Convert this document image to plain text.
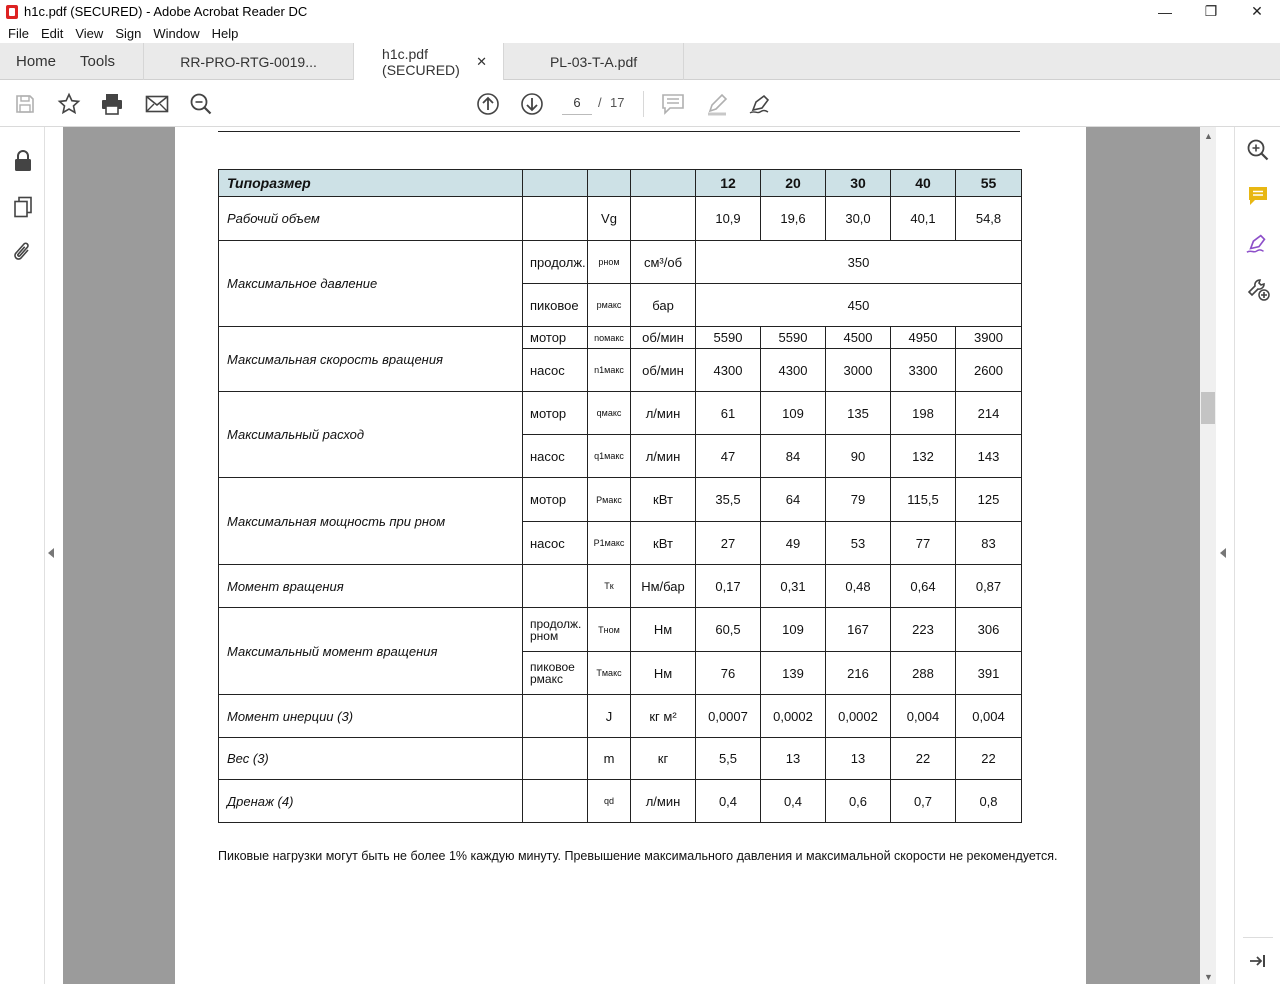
h1c.pdf (SECURED) - Adobe Acrobat Reader DC	—	❐	✕
File Edit View Sign Window Help
Home	Tools	RR-PRO-RTG-0019...	h1c.pdf (SECURED)
✕	PL-03-T-A.pdf
6	/ 17
Типоразмер				12	20	30	40	55
Рабочий объем		Vg		10,9	19,6	30,0	40,1	54,8
Максимальное давление	продолж.	pном	см³/об	350				
	пиковое	pмакс	бар	450				
Максимальная скорость вращения	мотор	nомакс	об/мин	5590	5590	4500	4950	3900
	насос	n1макс	об/мин	4300	4300	3000	3300	2600
Максимальный расход	мотор	qмакс	л/мин	61	109	135	198	214
	насос	q1макс	л/мин	47	84	90	132	143
Максимальная мощность при pном	мотор	Pмакс	кВт	35,5	64	79	115,5	125
	насос	P1макс	кВт	27	49	53	77	83
Момент вращения		Tк	Нм/бар	0,17	0,31	0,48	0,64	0,87
Максимальный момент вращения	продолж. pном	Tном	Нм	60,5	109	167	223	306
	пиковое pмакс	Tмакс	Нм	76	139	216	288	391
Момент инерции (3)		J	кг м²	0,0007	0,0002	0,0002	0,004	0,004
Вес (3)		m	кг	5,5	13	13	22	22
Дренаж (4)		qd	л/мин	0,4	0,4	0,6	0,7	0,8
Пиковые нагрузки могут быть не более 1% каждую минуту. Превышение максимального давления и максимальной скорости не рекомендуется.
▲
▼
